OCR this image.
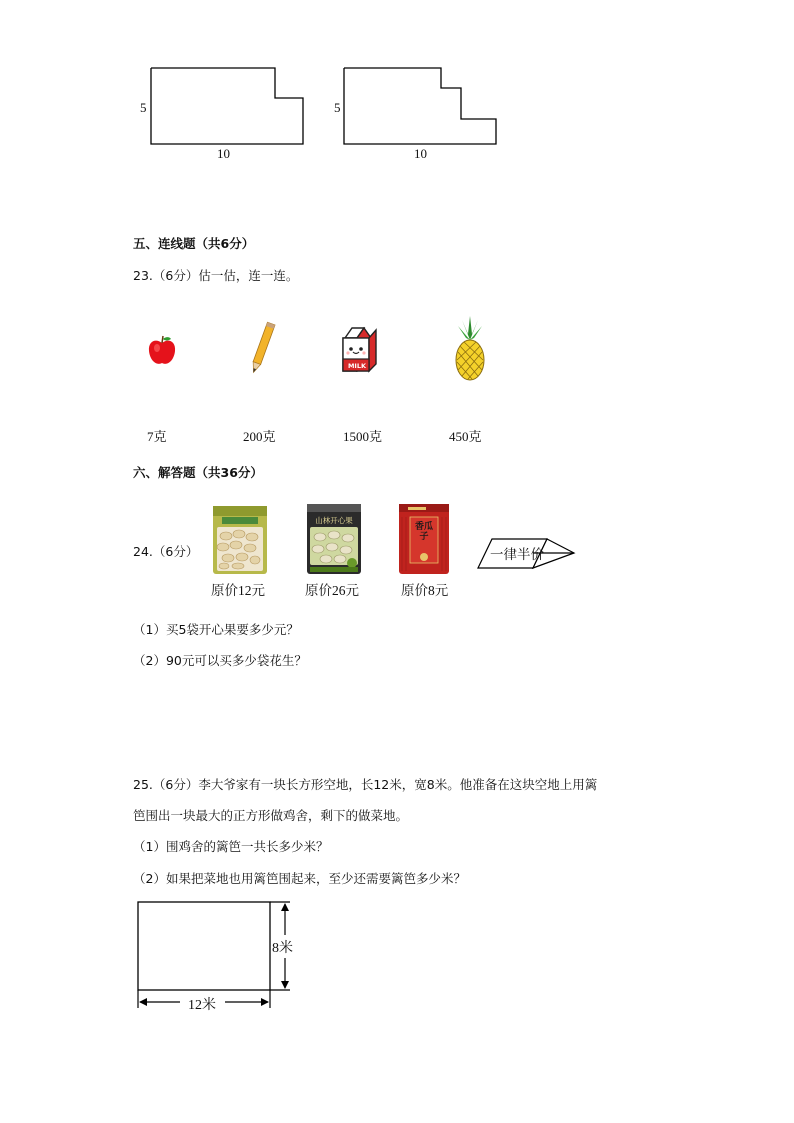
5
10
5
10
五、连线题（共6分）
23.（6分）估一估，连一连。
MILK
7克	200克	1500克	450克
六、解答题（共36分）
24.（6分）
山林开心果
香瓜子
原价12元	原价26元	原价8元
一律半价
（1）买5袋开心果要多少元？
（2）90元可以买多少袋花生？
25.（6分）李大爷家有一块长方形空地，长12米，宽8米。他准备在这块空地上用篱
笆围出一块最大的正方形做鸡舍，剩下的做菜地。
（1）围鸡舍的篱笆一共长多少米？
（2）如果把菜地也用篱笆围起来，至少还需要篱笆多少米？
8米
12米
